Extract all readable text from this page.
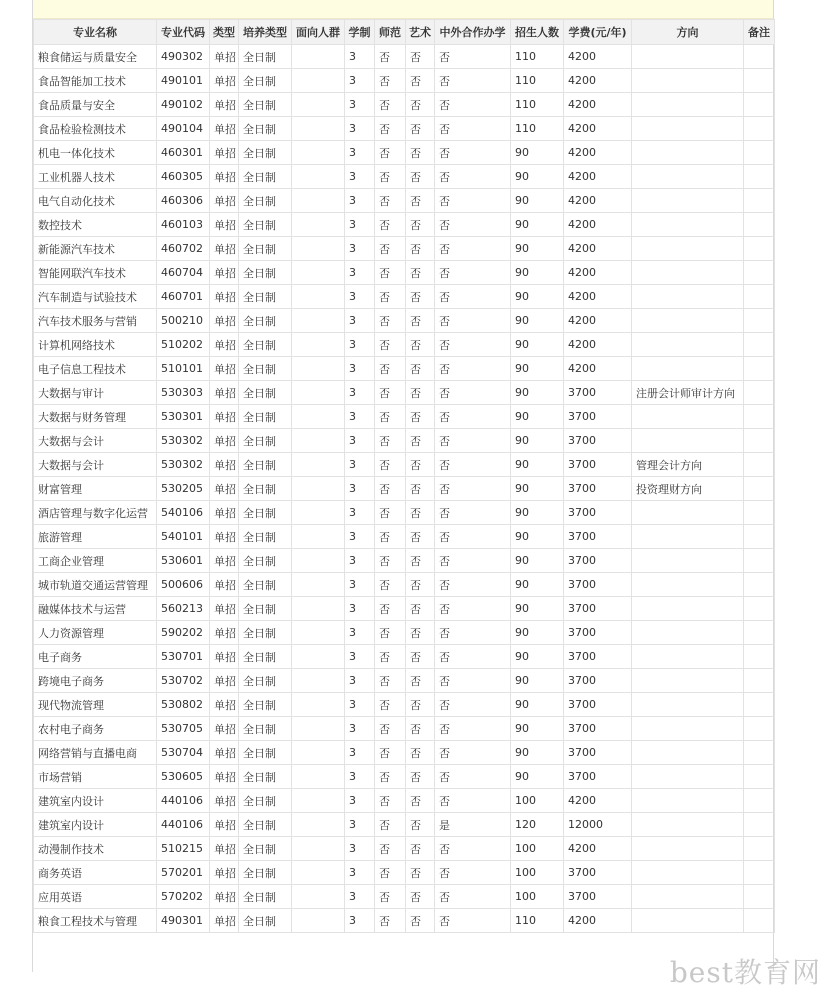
专业名称	专业代码	类型	培养类型	面向人群	学制	师范	艺术	中外合作办学	招生人数	学费(元/年)	方向	备注
粮食储运与质量安全	490302	单招	全日制		3	否	否	否	110	4200		
食品智能加工技术	490101	单招	全日制		3	否	否	否	110	4200		
食品质量与安全	490102	单招	全日制		3	否	否	否	110	4200		
食品检验检测技术	490104	单招	全日制		3	否	否	否	110	4200		
机电一体化技术	460301	单招	全日制		3	否	否	否	90	4200		
工业机器人技术	460305	单招	全日制		3	否	否	否	90	4200		
电气自动化技术	460306	单招	全日制		3	否	否	否	90	4200		
数控技术	460103	单招	全日制		3	否	否	否	90	4200		
新能源汽车技术	460702	单招	全日制		3	否	否	否	90	4200		
智能网联汽车技术	460704	单招	全日制		3	否	否	否	90	4200		
汽车制造与试验技术	460701	单招	全日制		3	否	否	否	90	4200		
汽车技术服务与营销	500210	单招	全日制		3	否	否	否	90	4200		
计算机网络技术	510202	单招	全日制		3	否	否	否	90	4200		
电子信息工程技术	510101	单招	全日制		3	否	否	否	90	4200		
大数据与审计	530303	单招	全日制		3	否	否	否	90	3700	注册会计师审计方向	
大数据与财务管理	530301	单招	全日制		3	否	否	否	90	3700		
大数据与会计	530302	单招	全日制		3	否	否	否	90	3700		
大数据与会计	530302	单招	全日制		3	否	否	否	90	3700	管理会计方向	
财富管理	530205	单招	全日制		3	否	否	否	90	3700	投资理财方向	
酒店管理与数字化运营	540106	单招	全日制		3	否	否	否	90	3700		
旅游管理	540101	单招	全日制		3	否	否	否	90	3700		
工商企业管理	530601	单招	全日制		3	否	否	否	90	3700		
城市轨道交通运营管理	500606	单招	全日制		3	否	否	否	90	3700		
融媒体技术与运营	560213	单招	全日制		3	否	否	否	90	3700		
人力资源管理	590202	单招	全日制		3	否	否	否	90	3700		
电子商务	530701	单招	全日制		3	否	否	否	90	3700		
跨境电子商务	530702	单招	全日制		3	否	否	否	90	3700		
现代物流管理	530802	单招	全日制		3	否	否	否	90	3700		
农村电子商务	530705	单招	全日制		3	否	否	否	90	3700		
网络营销与直播电商	530704	单招	全日制		3	否	否	否	90	3700		
市场营销	530605	单招	全日制		3	否	否	否	90	3700		
建筑室内设计	440106	单招	全日制		3	否	否	否	100	4200		
建筑室内设计	440106	单招	全日制		3	否	否	是	120	12000		
动漫制作技术	510215	单招	全日制		3	否	否	否	100	4200		
商务英语	570201	单招	全日制		3	否	否	否	100	3700		
应用英语	570202	单招	全日制		3	否	否	否	100	3700		
粮食工程技术与管理	490301	单招	全日制		3	否	否	否	110	4200		
best教育网
